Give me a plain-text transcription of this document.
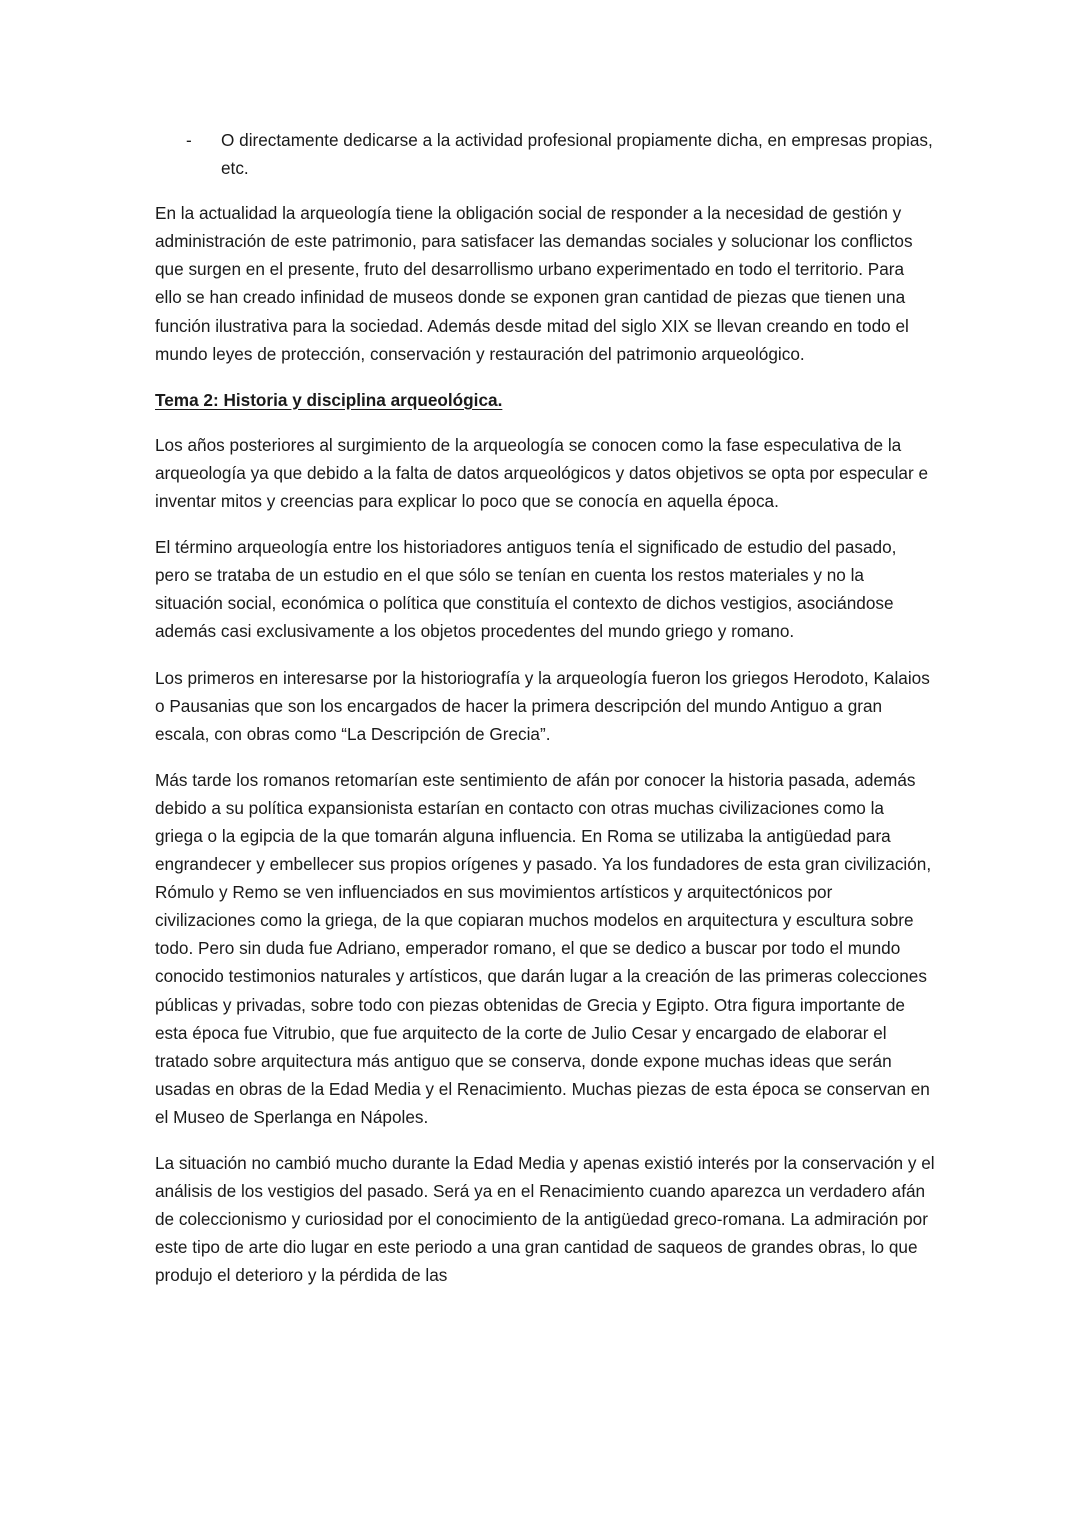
- O directamente dedicarse a la actividad profesional propiamente dicha, en empresas propias, etc.

En la actualidad la arqueología tiene la obligación social de responder a la necesidad de gestión y administración de este patrimonio, para satisfacer las demandas sociales y solucionar los conflictos que surgen en el presente, fruto del desarrollismo urbano experimentado en todo el territorio. Para ello se han creado infinidad de museos donde se exponen gran cantidad de piezas que tienen una función ilustrativa para la sociedad. Además desde mitad del siglo XIX se llevan creando en todo el mundo leyes de protección, conservación y restauración del patrimonio arqueológico.

Tema 2: Historia y disciplina arqueológica.

Los años posteriores al surgimiento de la arqueología se conocen como la fase especulativa de la arqueología ya que debido a la falta de datos arqueológicos y datos objetivos se opta por especular e inventar mitos y creencias para explicar lo poco que se conocía en aquella época.

El término arqueología entre los historiadores antiguos tenía el significado de estudio del pasado, pero se trataba de un estudio en el que sólo se tenían en cuenta los restos materiales y no la situación social, económica o política que constituía el contexto de dichos vestigios, asociándose además casi exclusivamente a los objetos procedentes del mundo griego y romano.

Los primeros en interesarse por la historiografía y la arqueología fueron los griegos Herodoto, Kalaios o Pausanias que son los encargados de hacer la primera descripción del mundo Antiguo a gran escala, con obras como “La Descripción de Grecia”.

Más tarde los romanos retomarían este sentimiento de afán por conocer la historia pasada, además debido a su política expansionista estarían en contacto con otras muchas civilizaciones como la griega o la egipcia de la que tomarán alguna influencia. En Roma se utilizaba la antigüedad para engrandecer y embellecer sus propios orígenes y pasado. Ya los fundadores de esta gran civilización, Rómulo y Remo se ven influenciados en sus movimientos artísticos y arquitectónicos por civilizaciones como la griega, de la que copiaran muchos modelos en arquitectura y escultura sobre todo. Pero sin duda fue Adriano, emperador romano, el que se dedico a buscar por todo el mundo conocido testimonios naturales y artísticos, que darán lugar a la creación de las primeras colecciones públicas y privadas, sobre todo con piezas obtenidas de Grecia y Egipto. Otra figura importante de esta época fue Vitrubio, que fue arquitecto de la corte de Julio Cesar y encargado de elaborar el tratado sobre arquitectura más antiguo que se conserva, donde expone muchas ideas que serán usadas en obras de la Edad Media y el Renacimiento. Muchas piezas de esta época se conservan en el Museo de Sperlanga en Nápoles.

La situación no cambió mucho durante la Edad Media y apenas existió interés por la conservación y el análisis de los vestigios del pasado. Será ya en el Renacimiento cuando aparezca un verdadero afán de coleccionismo y curiosidad por el conocimiento de la antigüedad greco-romana. La admiración por este tipo de arte dio lugar en este periodo a una gran cantidad de saqueos de grandes obras, lo que produjo el deterioro y la pérdida de las
